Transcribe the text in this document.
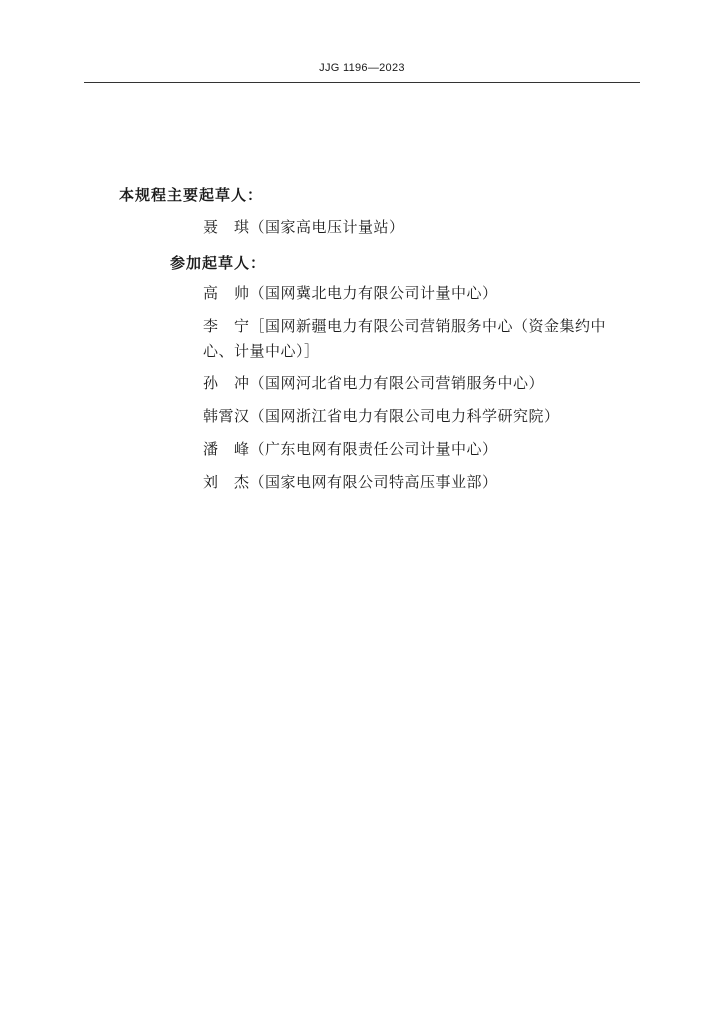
JJG 1196—2023
本规程主要起草人：
聂　琪（国家高电压计量站）
参加起草人：
高　帅（国网冀北电力有限公司计量中心）
李　宁［国网新疆电力有限公司营销服务中心（资金集约中
心、计量中心）］
孙　冲（国网河北省电力有限公司营销服务中心）
韩霄汉（国网浙江省电力有限公司电力科学研究院）
潘　峰（广东电网有限责任公司计量中心）
刘　杰（国家电网有限公司特高压事业部）
